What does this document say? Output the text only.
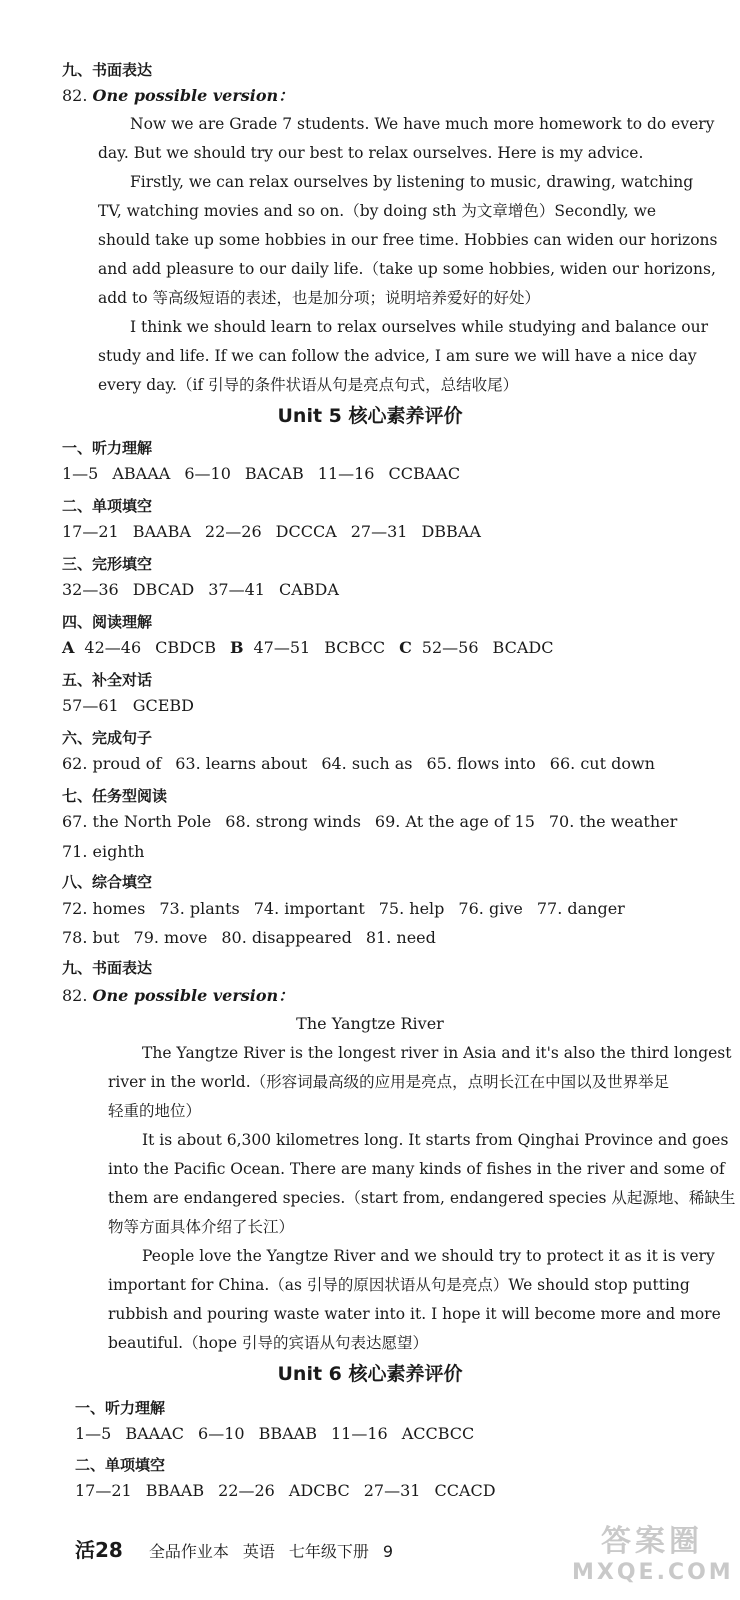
九、书面表达
82. One possible version：
Now we are Grade 7 students. We have much more homework to do every
day. But we should try our best to relax ourselves. Here is my advice.
Firstly, we can relax ourselves by listening to music, drawing, watching
TV, watching movies and so on.（by doing sth 为文章增色）Secondly, we
should take up some hobbies in our free time. Hobbies can widen our horizons
and add pleasure to our daily life.（take up some hobbies, widen our horizons,
add to 等高级短语的表述，也是加分项；说明培养爱好的好处）
I think we should learn to relax ourselves while studying and balance our
study and life. If we can follow the advice, I am sure we will have a nice day
every day.（if 引导的条件状语从句是亮点句式，总结收尾）
Unit 5 核心素养评价
一、听力理解
1—5 ABAAA 6—10 BACAB 11—16 CCBAAC
二、单项填空
17—21 BAABA 22—26 DCCCA 27—31 DBBAA
三、完形填空
32—36 DBCAD 37—41 CABDA
四、阅读理解
A 42—46 CBDCB B 47—51 BCBCC C 52—56 BCADC
五、补全对话
57—61 GCEBD
六、完成句子
62. proud of 63. learns about 64. such as 65. flows into 66. cut down
七、任务型阅读
67. the North Pole 68. strong winds 69. At the age of 15 70. the weather
71. eighth
八、综合填空
72. homes 73. plants 74. important 75. help 76. give 77. danger
78. but 79. move 80. disappeared 81. need
九、书面表达
82. One possible version：
The Yangtze River
The Yangtze River is the longest river in Asia and it's also the third longest
river in the world.（形容词最高级的应用是亮点，点明长江在中国以及世界举足
轻重的地位）
It is about 6,300 kilometres long. It starts from Qinghai Province and goes
into the Pacific Ocean. There are many kinds of fishes in the river and some of
them are endangered species.（start from, endangered species 从起源地、稀缺生
物等方面具体介绍了长江）
People love the Yangtze River and we should try to protect it as it is very
important for China.（as 引导的原因状语从句是亮点）We should stop putting
rubbish and pouring waste water into it. I hope it will become more and more
beautiful.（hope 引导的宾语从句表达愿望）
Unit 6 核心素养评价
一、听力理解
1—5 BAAAC 6—10 BBAAB 11—16 ACCBCC
二、单项填空
17—21 BBAAB 22—26 ADCBC 27—31 CCACD
活28 全品作业本 英语 七年级下册 9	答案圈
MXQE.COM
